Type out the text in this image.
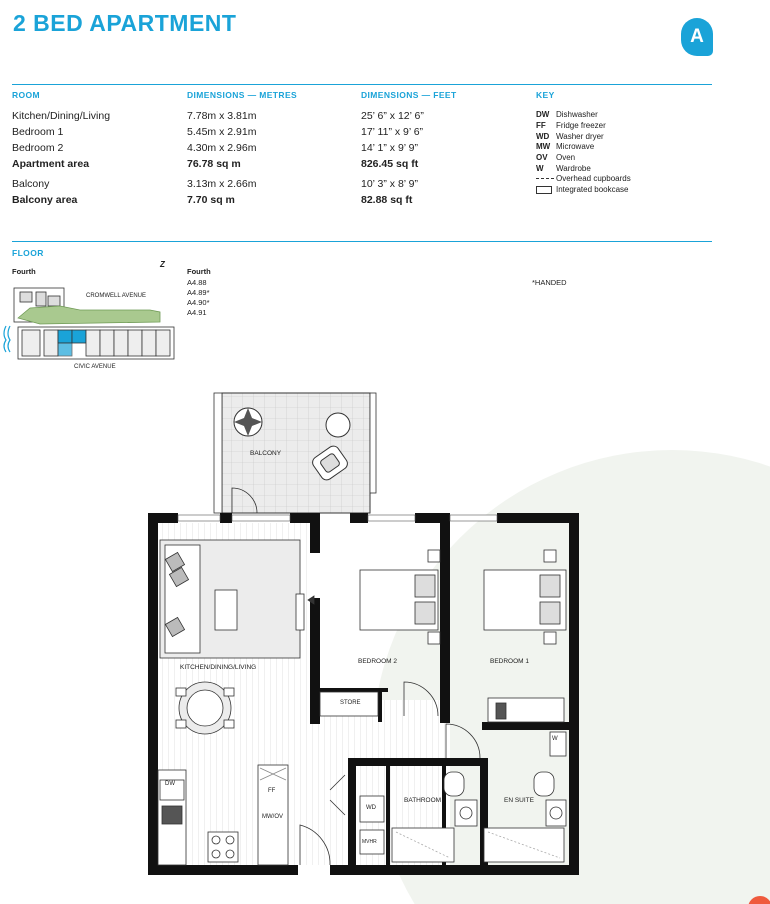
2 BED APARTMENT
A
ROOM	DIMENSIONS — METRES	DIMENSIONS — FEET	KEY
Kitchen/Dining/Living	7.78m x 3.81m	25’ 6” x 12’ 6”
Bedroom 1	5.45m x 2.91m	17’ 11” x 9’ 6”
Bedroom 2	4.30m x 2.96m	14’ 1” x 9’ 9”
Apartment area	76.78 sq m	826.45 sq ft
Balcony	3.13m x 2.66m	10’ 3” x 8’ 9”
Balcony area	7.70 sq m	82.88 sq ft
DW Dishwasher
FF Fridge freezer
WD Washer dryer
MW Microwave
OV Oven
W Wardrobe
Overhead cupboards
Integrated bookcase
FLOOR
Fourth
Z
Fourth
A4.88
A4.89*
A4.90*
A4.91
*HANDED
CROMWELL AVENUE
CIVIC AVENUE
BALCONY
KITCHEN/DINING/LIVING
BEDROOM 2	BEDROOM 1
STORE
BATHROOM	EN SUITE
DW
FF
MW/OV
WD
MVHR
W
